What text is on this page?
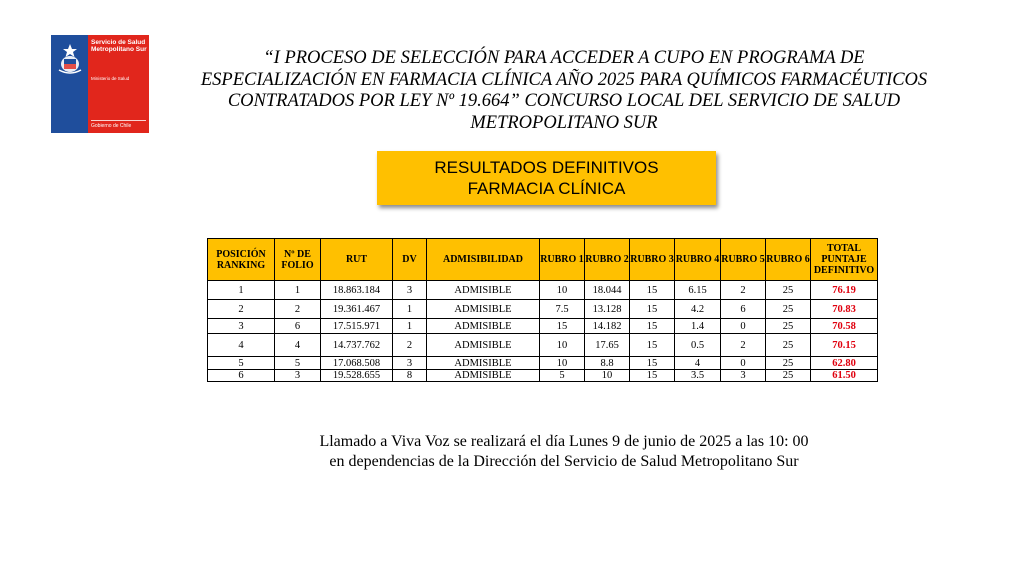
Servicio de Salud Metropolitano Sur
Ministerio de Salud
Gobierno de Chile
“I PROCESO DE SELECCIÓN PARA ACCEDER A CUPO EN PROGRAMA DE
ESPECIALIZACIÓN EN FARMACIA CLÍNICA AÑO 2025 PARA QUÍMICOS FARMACÉUTICOS
CONTRATADOS POR LEY Nº 19.664” CONCURSO LOCAL DEL SERVICIO DE SALUD
METROPOLITANO SUR
RESULTADOS DEFINITIVOS
FARMACIA CLÍNICA
POSICIÓN RANKING	Nº DE FOLIO	RUT	DV	ADMISIBILIDAD	RUBRO 1	RUBRO 2	RUBRO 3	RUBRO 4	RUBRO 5	RUBRO 6	TOTAL PUNTAJE DEFINITIVO
1	1	18.863.184	3	ADMISIBLE	10	18.044	15	6.15	2	25	76.19
2	2	19.361.467	1	ADMISIBLE	7.5	13.128	15	4.2	6	25	70.83
3	6	17.515.971	1	ADMISIBLE	15	14.182	15	1.4	0	25	70.58
4	4	14.737.762	2	ADMISIBLE	10	17.65	15	0.5	2	25	70.15
5	5	17.068.508	3	ADMISIBLE	10	8.8	15	4	0	25	62.80
6	3	19.528.655	8	ADMISIBLE	5	10	15	3.5	3	25	61.50
Llamado a Viva Voz se realizará el día Lunes 9 de junio de 2025 a las 10: 00
en dependencias de la Dirección del Servicio de Salud Metropolitano Sur
